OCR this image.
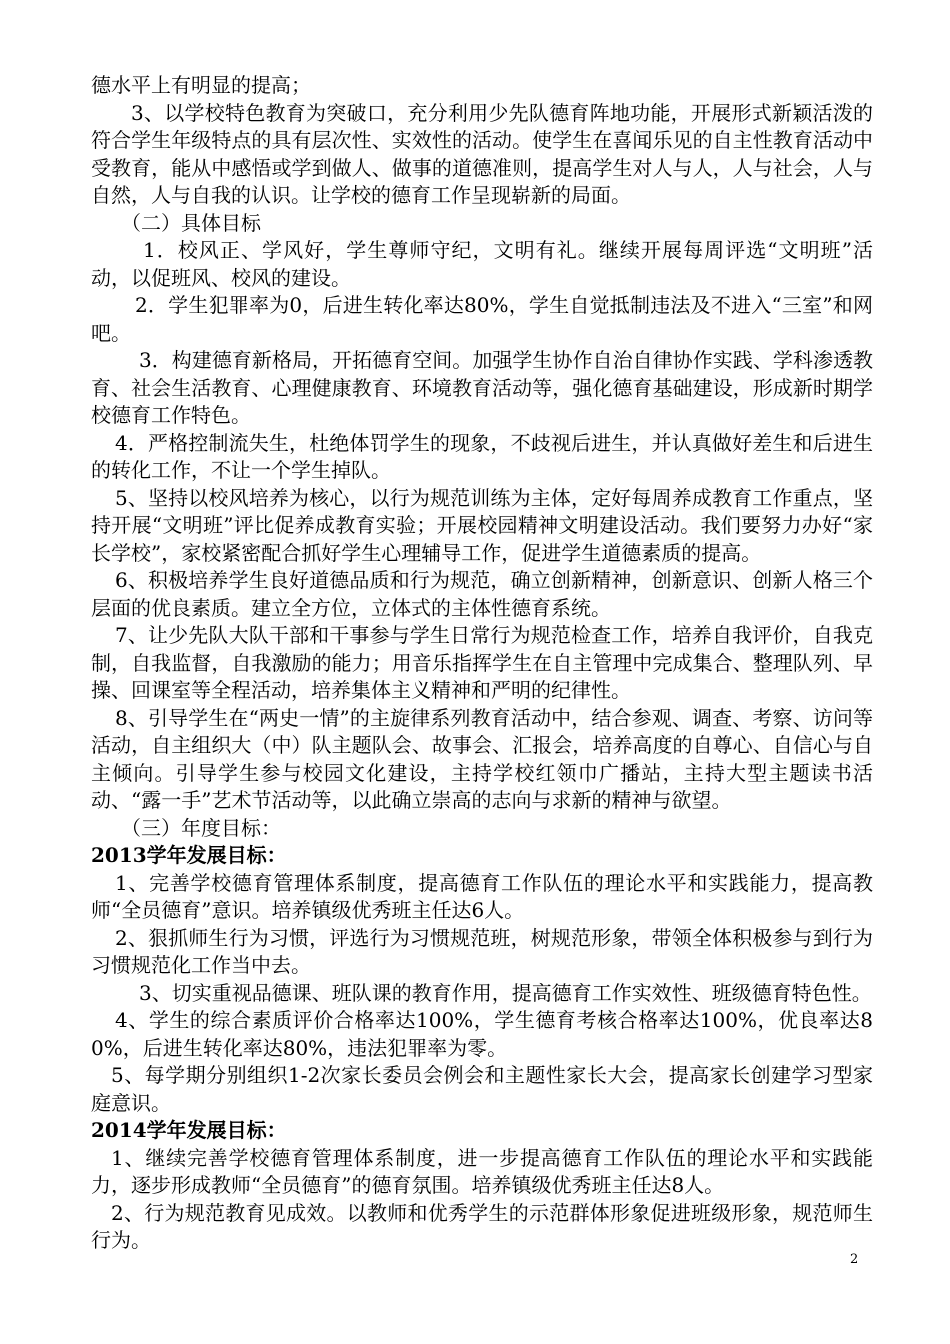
德水平上有明显的提高；

3、以学校特色教育为突破口，充分利用少先队德育阵地功能，开展形式新颖活泼的符合学生年级特点的具有层次性、实效性的活动。使学生在喜闻乐见的自主性教育活动中受教育，能从中感悟或学到做人、做事的道德准则，提高学生对人与人，人与社会，人与自然，人与自我的认识。让学校的德育工作呈现崭新的局面。

（二）具体目标

1．校风正、学风好，学生尊师守纪，文明有礼。继续开展每周评选“文明班”活动，以促班风、校风的建设。

2．学生犯罪率为0，后进生转化率达80%，学生自觉抵制违法及不进入“三室”和网吧。

3．构建德育新格局，开拓德育空间。加强学生协作自治自律协作实践、学科渗透教育、社会生活教育、心理健康教育、环境教育活动等，强化德育基础建设，形成新时期学校德育工作特色。

4．严格控制流失生，杜绝体罚学生的现象，不歧视后进生，并认真做好差生和后进生的转化工作，不让一个学生掉队。

5、坚持以校风培养为核心，以行为规范训练为主体，定好每周养成教育工作重点，坚持开展“文明班”评比促养成教育实验；开展校园精神文明建设活动。我们要努力办好“家长学校”，家校紧密配合抓好学生心理辅导工作，促进学生道德素质的提高。

6、积极培养学生良好道德品质和行为规范，确立创新精神，创新意识、创新人格三个层面的优良素质。建立全方位，立体式的主体性德育系统。

7、让少先队大队干部和干事参与学生日常行为规范检查工作，培养自我评价，自我克制，自我监督，自我激励的能力；用音乐指挥学生在自主管理中完成集合、整理队列、早操、回课室等全程活动，培养集体主义精神和严明的纪律性。

8、引导学生在“两史一情”的主旋律系列教育活动中，结合参观、调查、考察、访问等活动，自主组织大（中）队主题队会、故事会、汇报会，培养高度的自尊心、自信心与自主倾向。引导学生参与校园文化建设，主持学校红领巾广播站，主持大型主题读书活动、“露一手”艺术节活动等，以此确立崇高的志向与求新的精神与欲望。

（三）年度目标：

2013学年发展目标：

1、完善学校德育管理体系制度，提高德育工作队伍的理论水平和实践能力，提高教师“全员德育”意识。培养镇级优秀班主任达6人。

2、狠抓师生行为习惯，评选行为习惯规范班，树规范形象，带领全体积极参与到行为习惯规范化工作当中去。

3、切实重视品德课、班队课的教育作用，提高德育工作实效性、班级德育特色性。

4、学生的综合素质评价合格率达100%，学生德育考核合格率达100%，优良率达80%，后进生转化率达80%，违法犯罪率为零。

5、每学期分别组织1-2次家长委员会例会和主题性家长大会，提高家长创建学习型家庭意识。

2014学年发展目标：

1、继续完善学校德育管理体系制度，进一步提高德育工作队伍的理论水平和实践能力，逐步形成教师“全员德育”的德育氛围。培养镇级优秀班主任达8人。

2、行为规范教育见成效。以教师和优秀学生的示范群体形象促进班级形象，规范师生行为。

2
